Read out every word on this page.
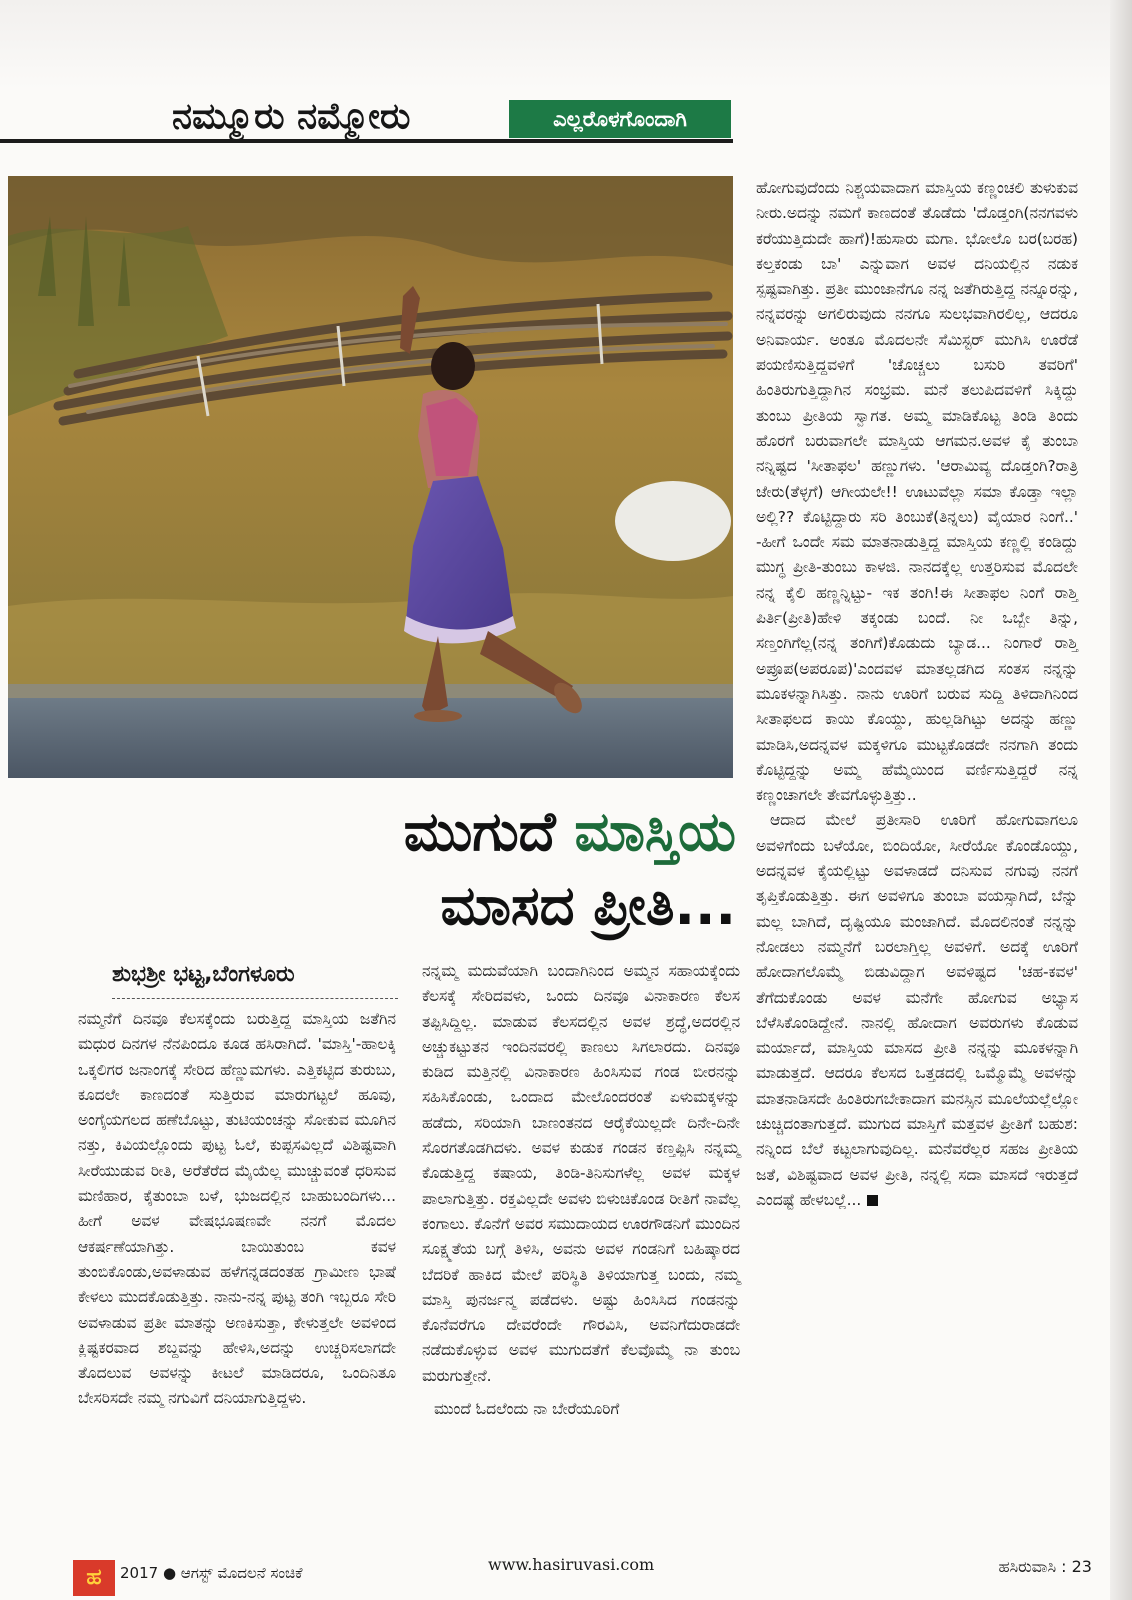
ನಮ್ಮೂರು ನಮ್ಮೋರು	ಎಲ್ಲರೊಳಗೊಂದಾಗಿ
ಮುಗುದೆ ಮಾಸ್ತಿಯ
ಮಾಸದ ಪ್ರೀತಿ...
ಶುಭಶ್ರೀ ಭಟ್ಟ,ಬೆಂಗಳೂರು

ನಮ್ಮನೆಗೆ ದಿನವೂ ಕೆಲಸಕ್ಕೆಂದು ಬರುತ್ತಿದ್ದ ಮಾಸ್ತಿಯ ಜತೆಗಿನ ಮಧುರ ದಿನಗಳ ನೆನಪಿಂದೂ ಕೂಡ ಹಸಿರಾಗಿದೆ. 'ಮಾಸ್ತಿ'-ಹಾಲಕ್ಕಿ ಒಕ್ಕಲಿಗರ ಜನಾಂಗಕ್ಕೆ ಸೇರಿದ ಹೆಣ್ಣುಮಗಳು. ಎತ್ತಿಕಟ್ಟಿದ ತುರುಬು, ಕೂದಲೇ ಕಾಣದಂತೆ ಸುತ್ತಿರುವ ಮಾರುಗಟ್ಟಲೆ ಹೂವು, ಅಂಗೈಯಗಲದ ಹಣೆಬೊಟ್ಟು, ತುಟಿಯಂಚನ್ನು ಸೋಕುವ ಮೂಗಿನ ನತ್ತು, ಕಿವಿಯಲ್ಲೊಂದು ಪುಟ್ಟ ಓಲೆ, ಕುಪ್ಪಸವಿಲ್ಲದೆ ವಿಶಿಷ್ಟವಾಗಿ ಸೀರೆಯುಡುವ ರೀತಿ, ಅರೆತೆರೆದ ಮೈಯೆಲ್ಲ ಮುಚ್ಚುವಂತೆ ಧರಿಸುವ ಮಣಿಹಾರ, ಕೈತುಂಬಾ ಬಳೆ, ಭುಜದಲ್ಲಿನ ಬಾಹುಬಂದಿಗಳು... ಹೀಗೆ ಅವಳ ವೇಷಭೂಷಣವೇ ನನಗೆ ಮೊದಲ ಆಕರ್ಷಣೆಯಾಗಿತ್ತು. ಬಾಯಿತುಂಬ ಕವಳ ತುಂಬಿಕೊಂಡು,ಅವಳಾಡುವ ಹಳೆಗನ್ನಡದಂತಹ ಗ್ರಾಮೀಣ ಭಾಷೆ ಕೇಳಲು ಮುದಕೊಡುತ್ತಿತ್ತು. ನಾನು-ನನ್ನ ಪುಟ್ಟ ತಂಗಿ ಇಬ್ಬರೂ ಸೇರಿ ಅವಳಾಡುವ ಪ್ರತೀ ಮಾತನ್ನು ಅಣಕಿಸುತ್ತಾ, ಕೇಳುತ್ತಲೇ ಅವಳಿಂದ ಕ್ಲಿಷ್ಟಕರವಾದ ಶಬ್ದವನ್ನು ಹೇಳಿಸಿ,ಅದನ್ನು ಉಚ್ಚರಿಸಲಾಗದೇ ತೊದಲುವ ಅವಳನ್ನು ಕೀಟಲೆ ಮಾಡಿದರೂ, ಒಂದಿನಿತೂ ಬೇಸರಿಸದೇ ನಮ್ಮ ನಗುವಿಗೆ ದನಿಯಾಗುತ್ತಿದ್ದಳು.

ನನ್ನಮ್ಮ ಮದುವೆಯಾಗಿ ಬಂದಾಗಿನಿಂದ ಅಮ್ಮನ ಸಹಾಯಕ್ಕೆಂದು ಕೆಲಸಕ್ಕೆ ಸೇರಿದವಳು, ಒಂದು ದಿನವೂ ವಿನಾಕಾರಣ ಕೆಲಸ ತಪ್ಪಿಸಿದ್ದಿಲ್ಲ. ಮಾಡುವ ಕೆಲಸದಲ್ಲಿನ ಅವಳ ಶ್ರದ್ಧೆ,ಅದರಲ್ಲಿನ ಅಚ್ಚುಕಟ್ಟುತನ ಇಂದಿನವರಲ್ಲಿ ಕಾಣಲು ಸಿಗಲಾರದು. ದಿನವೂ ಕುಡಿದ ಮತ್ತಿನಲ್ಲಿ ವಿನಾಕಾರಣ ಹಿಂಸಿಸುವ ಗಂಡ ಬೀರನನ್ನು ಸಹಿಸಿಕೊಂಡು, ಒಂದಾದ ಮೇಲೊಂದರಂತೆ ಏಳುಮಕ್ಕಳನ್ನು ಹಡೆದು, ಸರಿಯಾಗಿ ಬಾಣಂತನದ ಆರೈಕೆಯಿಲ್ಲದೇ ದಿನೇ-ದಿನೇ ಸೊರಗತೊಡಗಿದಳು. ಅವಳ ಕುಡುಕ ಗಂಡನ ಕಣ್ತಪ್ಪಿಸಿ ನನ್ನಮ್ಮ ಕೊಡುತ್ತಿದ್ದ ಕಷಾಯ, ತಿಂಡಿ-ತಿನಿಸುಗಳೆಲ್ಲ ಅವಳ ಮಕ್ಕಳ ಪಾಲಾಗುತ್ತಿತ್ತು. ರಕ್ತವಿಲ್ಲದೇ ಅವಳು ಬಿಳುಚಿಕೊಂಡ ರೀತಿಗೆ ನಾವೆಲ್ಲ ಕಂಗಾಲು. ಕೊನೆಗೆ ಅವರ ಸಮುದಾಯದ ಊರಗೌಡನಿಗೆ ಮುಂದಿನ ಸೂಕ್ಷ್ಮತೆಯ ಬಗ್ಗೆ ತಿಳಿಸಿ, ಅವನು ಅವಳ ಗಂಡನಿಗೆ ಬಹಿಷ್ಕಾರದ ಬೆದರಿಕೆ ಹಾಕಿದ ಮೇಲೆ ಪರಿಸ್ಥಿತಿ ತಿಳಿಯಾಗುತ್ತ ಬಂದು, ನಮ್ಮ ಮಾಸ್ತಿ ಪುನರ್ಜನ್ಮ ಪಡೆದಳು. ಅಷ್ಟು ಹಿಂಸಿಸಿದ ಗಂಡನನ್ನು ಕೊನೆವರೆಗೂ ದೇವರೆಂದೇ ಗೌರವಿಸಿ, ಅವನಿಗೆದುರಾಡದೇ ನಡೆದುಕೊಳ್ಳುವ ಅವಳ ಮುಗುದತೆಗೆ ಕೆಲವೊಮ್ಮೆ ನಾ ತುಂಬ ಮರುಗುತ್ತೇನೆ.

ಮುಂದೆ ಓದಲೆಂದು ನಾ ಬೇರೆಯೂರಿಗೆ

ಹೋಗುವುದೆಂದು ನಿಶ್ಚಯವಾದಾಗ ಮಾಸ್ತಿಯ ಕಣ್ಣಂಚಲಿ ತುಳುಕುವ ನೀರು.ಅದನ್ನು ನಮಗೆ ಕಾಣದಂತೆ ತೊಡೆದು 'ದೊಡ್ತಂಗಿ(ನನಗವಳು ಕರೆಯುತ್ತಿದುದೇ ಹಾಗೆ)!ಹುಸಾರು ಮಗಾ. ಭೋಲೊ ಬರ(ಬರಹ) ಕಲ್ತಕಂಡು ಬಾ' ಎನ್ನುವಾಗ ಅವಳ ದನಿಯಲ್ಲಿನ ನಡುಕ ಸ್ಪಷ್ಟವಾಗಿತ್ತು. ಪ್ರತೀ ಮುಂಜಾನೆಗೂ ನನ್ನ ಜತೆಗಿರುತ್ತಿದ್ದ ನನ್ನೂರನ್ನು, ನನ್ನವರನ್ನು ಅಗಲಿರುವುದು ನನಗೂ ಸುಲಭವಾಗಿರಲಿಲ್ಲ, ಆದರೂ ಅನಿವಾರ್ಯ. ಅಂತೂ ಮೊದಲನೇ ಸೆಮಿಸ್ಟರ್ ಮುಗಿಸಿ ಊರೆಡೆ ಪಯಣಿಸುತ್ತಿದ್ದವಳಿಗೆ 'ಚೊಚ್ಚಲು ಬಸುರಿ ತವರಿಗೆ' ಹಿಂತಿರುಗುತ್ತಿದ್ದಾಗಿನ ಸಂಭ್ರಮ. ಮನೆ ತಲುಪಿದವಳಿಗೆ ಸಿಕ್ಕಿದ್ದು ತುಂಬು ಪ್ರೀತಿಯ ಸ್ವಾಗತ. ಅಮ್ಮ ಮಾಡಿಕೊಟ್ಟ ತಿಂಡಿ ತಿಂದು ಹೊರಗೆ ಬರುವಾಗಲೇ ಮಾಸ್ತಿಯ ಆಗಮನ.ಅವಳ ಕೈ ತುಂಬಾ ನನ್ನಿಷ್ಟದ 'ಸೀತಾಫಲ' ಹಣ್ಣುಗಳು. 'ಆರಾಮಿವ್ಯ ದೊಡ್ತಂಗಿ?ರಾತ್ರಿ ಜೇರು(ತೆಳ್ಳಗೆ) ಆಗೀಯಲೇ!! ಊಟುವೆಲ್ಲಾ ಸಮಾ ಕೊಡ್ತಾ ಇಲ್ಲಾ ಅಲ್ಲಿ?? ಕೊಟ್ಟಿದ್ದಾರು ಸರಿ ತಿಂಬುಕೆ(ತಿನ್ನಲು) ವೈಯಾರ ನಿಂಗೆ..' -ಹೀಗೆ ಒಂದೇ ಸಮ ಮಾತನಾಡುತ್ತಿದ್ದ ಮಾಸ್ತಿಯ ಕಣ್ಣಲ್ಲಿ ಕಂಡಿದ್ದು ಮುಗ್ಧ ಪ್ರೀತಿ-ತುಂಬು ಕಾಳಜಿ. ನಾನದಕ್ಕೆಲ್ಲ ಉತ್ತರಿಸುವ ಮೊದಲೇ ನನ್ನ ಕೈಲಿ ಹಣ್ಣನ್ನಿಟ್ಟು- ಇಕ ತಂಗಿ!ಈ ಸೀತಾಫಲ ನಿಂಗೆ ರಾಶ್ತಿ ಪಿರ್ತಿ(ಪ್ರೀತಿ)ಹೇಳಿ ತಕ್ಕಂಡು ಬಂದೆ. ನೀ ಒಬ್ಬೇ ತಿನ್ನು, ಸಣ್ತಂಗಿಗೆಲ್ಲ(ನನ್ನ ತಂಗಿಗೆ)ಕೊಡುದು ಬ್ಯಾಡ... ನಿಂಗಾರೆ ರಾಶ್ತಿ ಅಪ್ರೂಪ(ಅಪರೂಪ)'ಎಂದವಳ ಮಾತಲ್ಲಡಗಿದ ಸಂತಸ ನನ್ನನ್ನು ಮೂಕಳನ್ನಾಗಿಸಿತ್ತು. ನಾನು ಊರಿಗೆ ಬರುವ ಸುದ್ದಿ ತಿಳಿದಾಗಿನಿಂದ ಸೀತಾಫಲದ ಕಾಯಿ ಕೊಯ್ದು, ಹುಲ್ಲಡಿಗಿಟ್ಟು ಅದನ್ನು ಹಣ್ಣು ಮಾಡಿಸಿ,ಅದನ್ನವಳ ಮಕ್ಕಳಿಗೂ ಮುಟ್ಟಕೊಡದೇ ನನಗಾಗಿ ತಂದು ಕೊಟ್ಟಿದ್ದನ್ನು ಅಮ್ಮ ಹೆಮ್ಮೆಯಿಂದ ವರ್ಣಿಸುತ್ತಿದ್ದರೆ ನನ್ನ ಕಣ್ಣಂಚಾಗಲೇ ತೇವಗೊಳ್ಳುತ್ತಿತ್ತು..

ಆದಾದ ಮೇಲೆ ಪ್ರತೀಸಾರಿ ಊರಿಗೆ ಹೋಗುವಾಗಲೂ ಅವಳಿಗೆಂದು ಬಳೆಯೋ, ಬಿಂದಿಯೋ, ಸೀರೆಯೋ ಕೊಂಡೊಯ್ದು, ಅದನ್ನವಳ ಕೈಯಲ್ಲಿಟ್ಟು ಅವಳಾಡದೆ ದನಿಸುವ ನಗುವು ನನಗೆ ತೃಪ್ತಿಕೊಡುತ್ತಿತ್ತು. ಈಗ ಅವಳಿಗೂ ತುಂಬಾ ವಯಸ್ಸಾಗಿದೆ, ಬೆನ್ನು ಮಲ್ಲ ಬಾಗಿದೆ, ದೃಷ್ಟಿಯೂ ಮಂಜಾಗಿದೆ. ಮೊದಲಿನಂತೆ ನನ್ನನ್ನು ನೋಡಲು ನಮ್ಮನೆಗೆ ಬರಲಾಗ್ತಿಲ್ಲ ಅವಳಿಗೆ. ಅದಕ್ಕೆ ಊರಿಗೆ ಹೋದಾಗಲೊಮ್ಮೆ ಬಿಡುವಿದ್ದಾಗ ಅವಳಿಷ್ಟದ 'ಚಹ-ಕವಳ' ತೆಗೆದುಕೊಂಡು ಅವಳ ಮನೆಗೇ ಹೋಗುವ ಅಭ್ಯಾಸ ಬೆಳೆಸಿಕೊಂಡಿದ್ದೇನೆ. ನಾನಲ್ಲಿ ಹೋದಾಗ ಅವರುಗಳು ಕೊಡುವ ಮರ್ಯಾದೆ, ಮಾಸ್ತಿಯ ಮಾಸದ ಪ್ರೀತಿ ನನ್ನನ್ನು ಮೂಕಳನ್ನಾಗಿ ಮಾಡುತ್ತದೆ. ಆದರೂ ಕೆಲಸದ ಒತ್ತಡದಲ್ಲಿ ಒಮ್ಮೊಮ್ಮೆ ಅವಳನ್ನು ಮಾತನಾಡಿಸದೇ ಹಿಂತಿರುಗಬೇಕಾದಾಗ ಮನಸ್ಸಿನ ಮೂಲೆಯಲ್ಲೆಲ್ಲೋ ಚುಚ್ಚಿದಂತಾಗುತ್ತದೆ. ಮುಗುದ ಮಾಸ್ತಿಗೆ ಮತ್ತವಳ ಪ್ರೀತಿಗೆ ಬಹುಶ: ನನ್ನಿಂದ ಬೆಲೆ ಕಟ್ಟಲಾಗುವುದಿಲ್ಲ. ಮನೆವರೆಲ್ಲರ ಸಹಜ ಪ್ರೀತಿಯ ಜತೆ, ವಿಶಿಷ್ಟವಾದ ಅವಳ ಪ್ರೀತಿ, ನನ್ನಲ್ಲಿ ಸದಾ ಮಾಸದೆ ಇರುತ್ತದೆ ಎಂದಷ್ಟೆ ಹೇಳಬಲ್ಲೆ...

ಹ	2017 ● ಆಗಸ್ಟ್ ಮೊದಲನೆ ಸಂಚಿಕೆ	www.hasiruvasi.com	ಹಸಿರುವಾಸಿ : 23
